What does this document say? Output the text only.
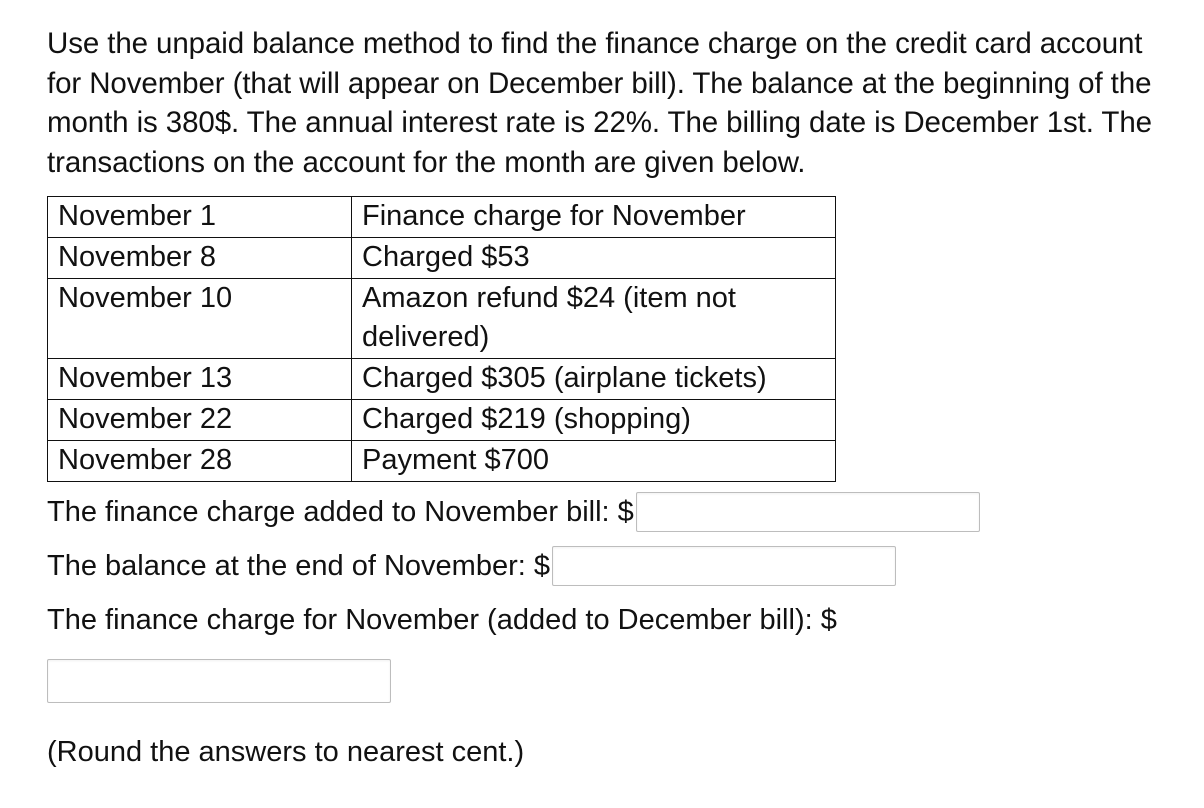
Use the unpaid balance method to find the finance charge on the credit card account for November (that will appear on December bill). The balance at the beginning of the month is 380$. The annual interest rate is 22%. The billing date is December 1st. The transactions on the account for the month are given below.

November 1	Finance charge for November
November 8	Charged $53
November 10	Amazon refund $24 (item not delivered)
November 13	Charged $305 (airplane tickets)
November 22	Charged $219 (shopping)
November 28	Payment $700
The finance charge added to November bill: $
The balance at the end of November: $
The finance charge for November (added to December bill): $
(Round the answers to nearest cent.)
